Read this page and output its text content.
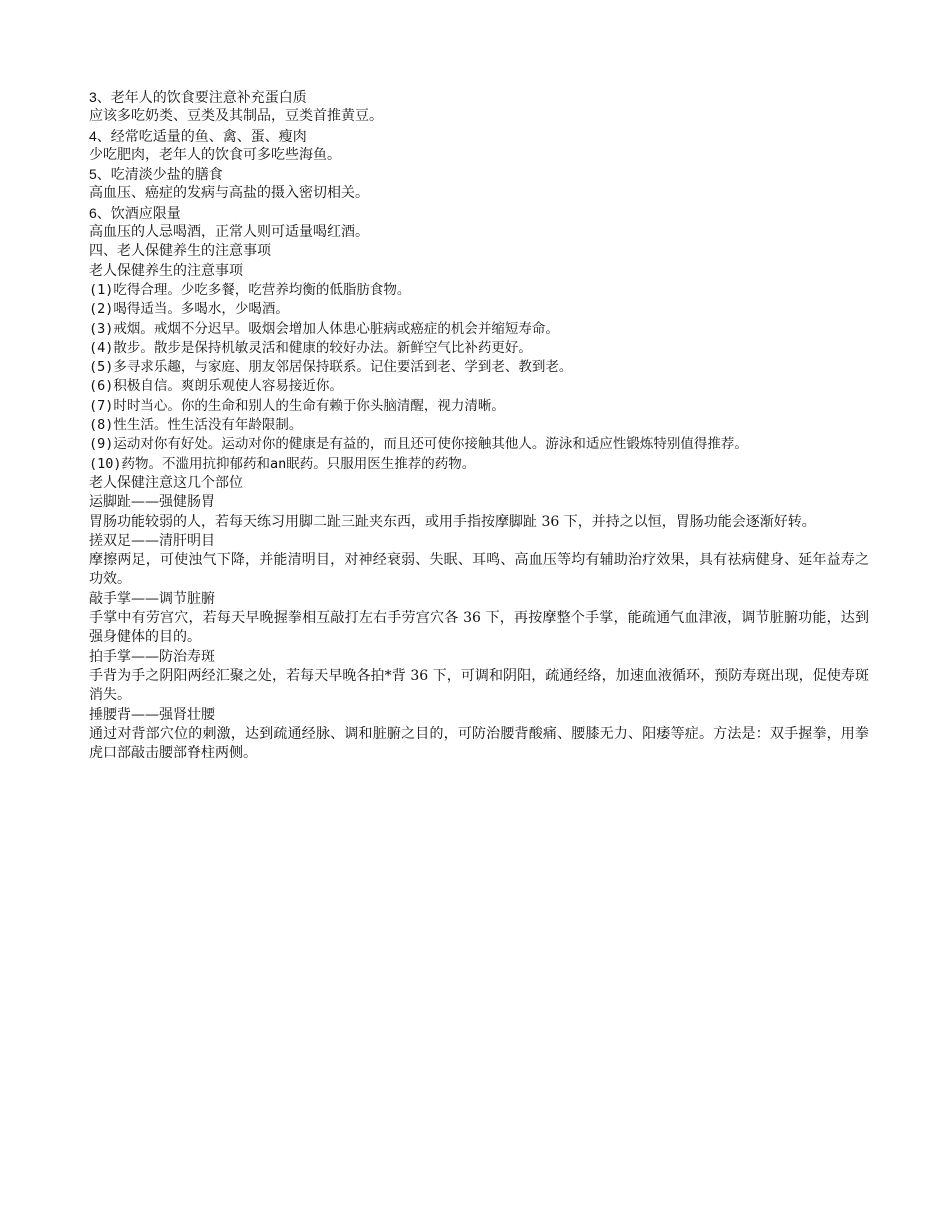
3、老年人的饮食要注意补充蛋白质

应该多吃奶类、豆类及其制品，豆类首推黄豆。

4、经常吃适量的鱼、禽、蛋、瘦肉

少吃肥肉，老年人的饮食可多吃些海鱼。

5、吃清淡少盐的膳食

高血压、癌症的发病与高盐的摄入密切相关。

6、饮酒应限量

高血压的人忌喝酒，正常人则可适量喝红酒。

四、老人保健养生的注意事项

老人保健养生的注意事项

(1)吃得合理。少吃多餐，吃营养均衡的低脂肪食物。

(2)喝得适当。多喝水，少喝酒。

(3)戒烟。戒烟不分迟早。吸烟会增加人体患心脏病或癌症的机会并缩短寿命。

(4)散步。散步是保持机敏灵活和健康的较好办法。新鲜空气比补药更好。

(5)多寻求乐趣，与家庭、朋友邻居保持联系。记住要活到老、学到老、教到老。

(6)积极自信。爽朗乐观使人容易接近你。

(7)时时当心。你的生命和别人的生命有赖于你头脑清醒，视力清晰。

(8)性生活。性生活没有年龄限制。

(9)运动对你有好处。运动对你的健康是有益的，而且还可使你接触其他人。游泳和适应性锻炼特别值得推荐。

(10)药物。不滥用抗抑郁药和an眠药。只服用医生推荐的药物。

老人保健注意这几个部位

运脚趾——强健肠胃

胃肠功能较弱的人，若每天练习用脚二趾三趾夹东西，或用手指按摩脚趾 36 下，并持之以恒，胃肠功能会逐渐好转。

搓双足——清肝明目

摩擦两足，可使浊气下降，并能清明目，对神经衰弱、失眠、耳鸣、高血压等均有辅助治疗效果，具有祛病健身、延年益寿之功效。

敲手掌——调节脏腑

手掌中有劳宫穴，若每天早晚握拳相互敲打左右手劳宫穴各 36 下，再按摩整个手掌，能疏通气血津液，调节脏腑功能，达到强身健体的目的。

拍手掌——防治寿斑

手背为手之阴阳两经汇聚之处，若每天早晚各拍*背 36 下，可调和阴阳，疏通经络，加速血液循环，预防寿斑出现，促使寿斑消失。

捶腰背——强肾壮腰

通过对背部穴位的刺激，达到疏通经脉、调和脏腑之目的，可防治腰背酸痛、腰膝无力、阳痿等症。方法是：双手握拳，用拳虎口部敲击腰部脊柱两侧。
